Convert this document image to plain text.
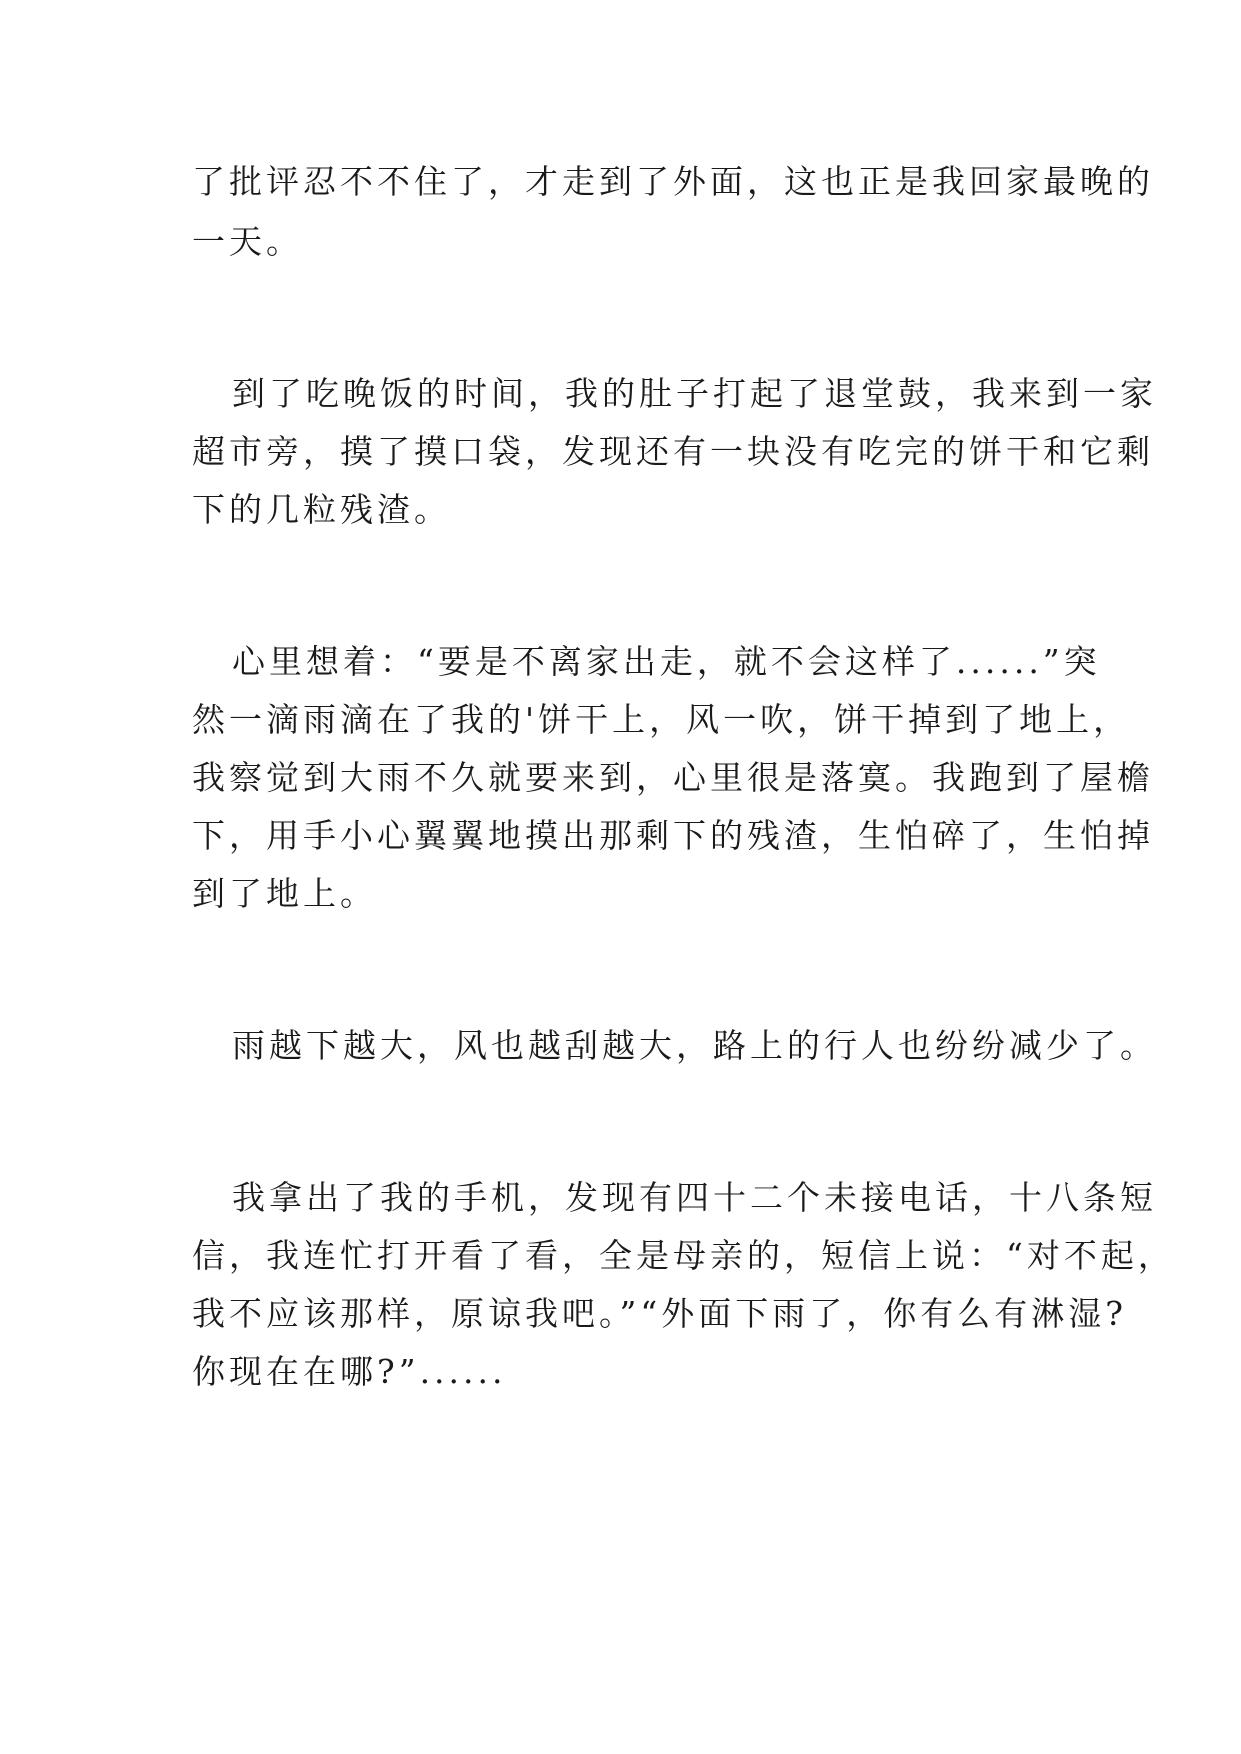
了批评忍不不住了，才走到了外面，这也正是我回家最晚的

一天。

到了吃晚饭的时间，我的肚子打起了退堂鼓，我来到一家

超市旁，摸了摸口袋，发现还有一块没有吃完的饼干和它剩

下的几粒残渣。

心里想着：“要是不离家出走，就不会这样了......”突

然一滴雨滴在了我的'饼干上，风一吹，饼干掉到了地上，

我察觉到大雨不久就要来到，心里很是落寞。我跑到了屋檐

下，用手小心翼翼地摸出那剩下的残渣，生怕碎了，生怕掉

到了地上。

雨越下越大，风也越刮越大，路上的行人也纷纷减少了。

我拿出了我的手机，发现有四十二个未接电话，十八条短

信，我连忙打开看了看，全是母亲的，短信上说：“对不起，

我不应该那样，原谅我吧。”“外面下雨了，你有么有淋湿?

你现在在哪?”......
